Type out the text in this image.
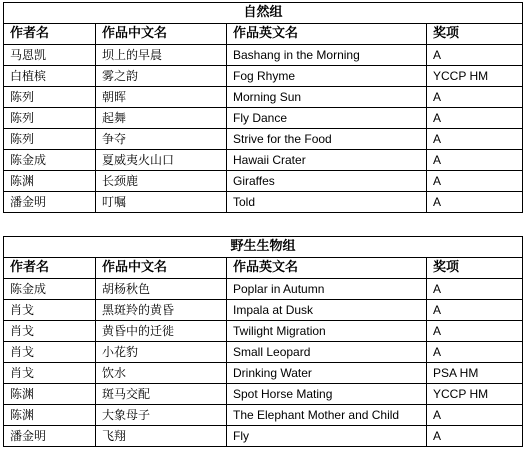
自然组			
作者名	作品中文名	作品英文名	奖项
马恩凯	坝上的早晨	Bashang in the Morning	A
白植槟	雾之韵	Fog Rhyme	YCCP HM
陈列	朝晖	Morning Sun	A
陈列	起舞	Fly Dance	A
陈列	争夺	Strive for the Food	A
陈金成	夏威夷火山口	Hawaii Crater	A
陈渊	长颈鹿	Giraffes	A
潘金明	叮嘱	Told	A
野生生物组			
作者名	作品中文名	作品英文名	奖项
陈金成	胡杨秋色	Poplar in Autumn	A
肖戈	黑斑羚的黄昏	Impala at Dusk	A
肖戈	黄昏中的迁徙	Twilight Migration	A
肖戈	小花豹	Small Leopard	A
肖戈	饮水	Drinking Water	PSA HM
陈渊	斑马交配	Spot Horse Mating	YCCP HM
陈渊	大象母子	The Elephant Mother and Child	A
潘金明	飞翔	Fly	A
